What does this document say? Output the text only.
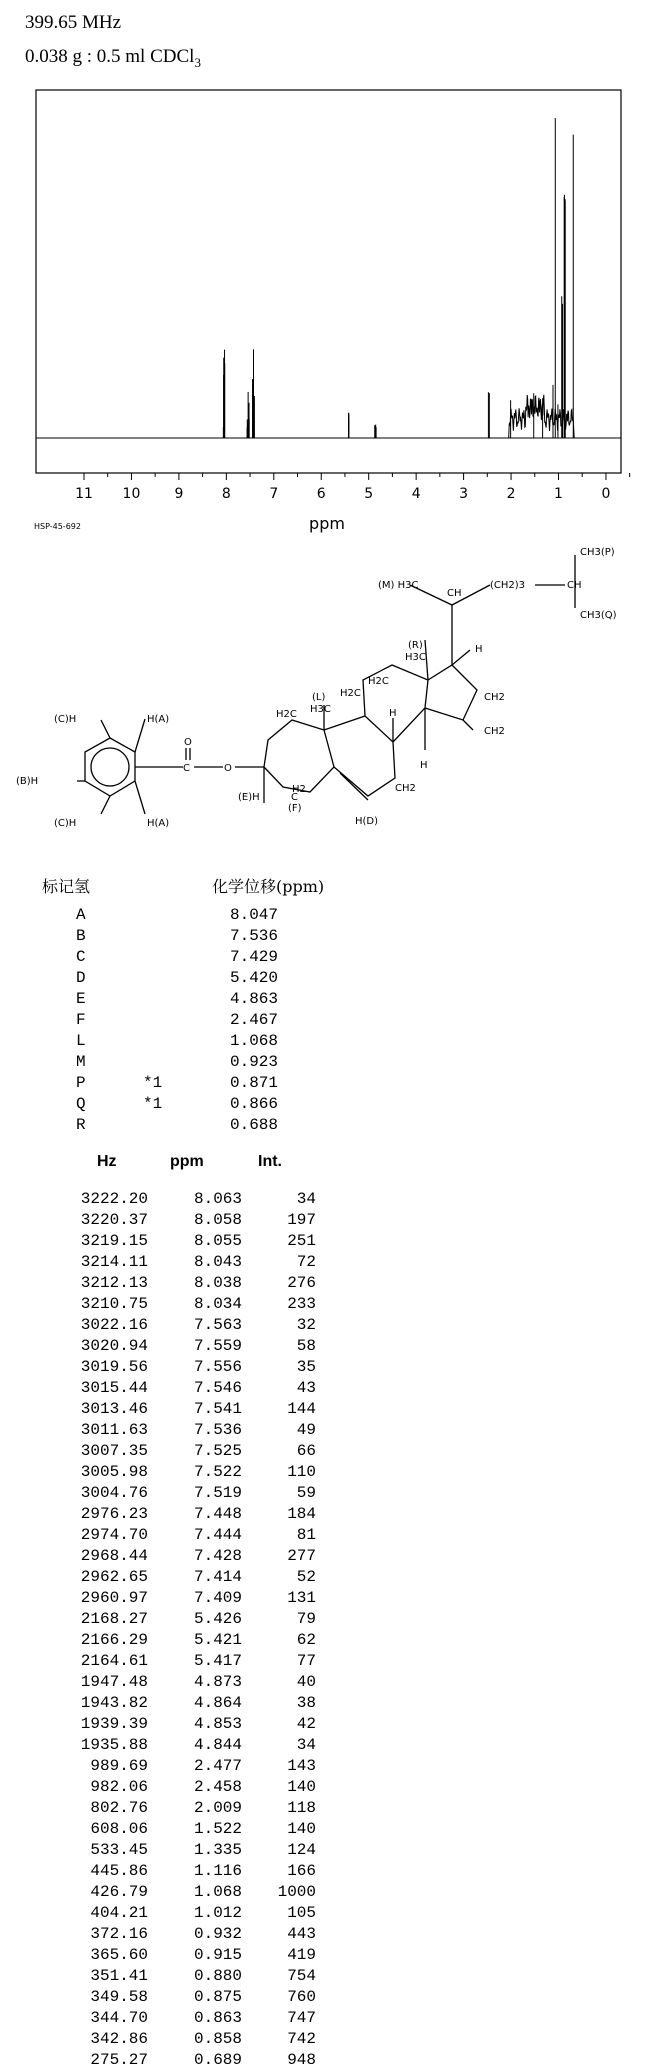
399.65 MHz
0.038 g : 0.5 ml CDCl$_3$
11 10 9	8	7	6	5	4	3	2	1	0
ppm
HSP-45-692
CH3(P)
CH3(Q)
CH
(CH2)3
CH
(M) H3C
(R)
H3C
H
(L)
H3C
H2C
H2C
H2C
CH2
CH2
CH2
H
H
H(A)
H(A)
(C)H
(C)H
(B)H
O
C	O
(E)H	C
H2
(F)
H(D)
标记氢	化学位移(ppm)
A	8.047
B	7.536
C	7.429
D	5.420
E	4.863
F	2.467
L	1.068
M	0.923
P	*1	0.871
Q	*1	0.866
R	0.688
Hz	ppm	Int.
3222.20	8.063	34
3220.37	8.058	197
3219.15	8.055	251
3214.11	8.043	72
3212.13	8.038	276
3210.75	8.034	233
3022.16	7.563	32
3020.94	7.559	58
3019.56	7.556	35
3015.44	7.546	43
3013.46	7.541	144
3011.63	7.536	49
3007.35	7.525	66
3005.98	7.522	110
3004.76	7.519	59
2976.23	7.448	184
2974.70	7.444	81
2968.44	7.428	277
2962.65	7.414	52
2960.97	7.409	131
2168.27	5.426	79
2166.29	5.421	62
2164.61	5.417	77
1947.48	4.873	40
1943.82	4.864	38
1939.39	4.853	42
1935.88	4.844	34
989.69	2.477	143
982.06	2.458	140
802.76	2.009	118
608.06	1.522	140
533.45	1.335	124
445.86	1.116	166
426.79	1.068	1000
404.21	1.012	105
372.16	0.932	443
365.60	0.915	419
351.41	0.880	754
349.58	0.875	760
344.70	0.863	747
342.86	0.858	742
275.27	0.689	948
